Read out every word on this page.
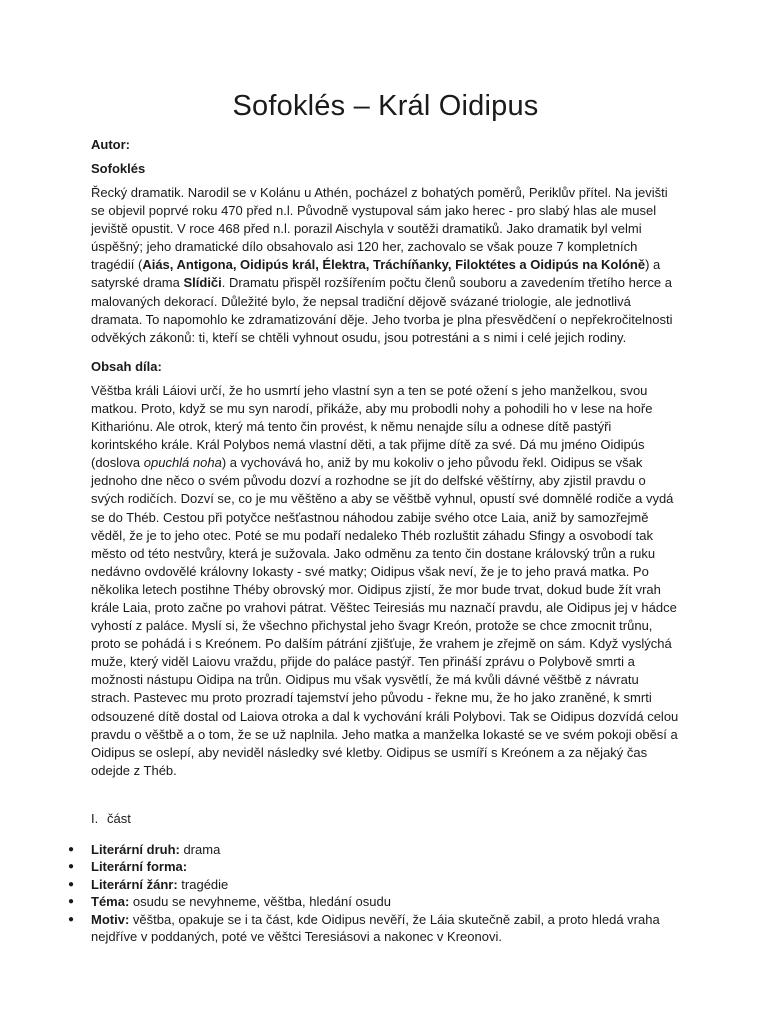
Sofoklés – Král Oidipus

Autor:

Sofoklés

Řecký dramatik. Narodil se v Kolánu u Athén, pocházel z bohatých poměrů, Periklův přítel. Na jevišti se objevil poprvé roku 470 před n.l. Původně vystupoval sám jako herec - pro slabý hlas ale musel jeviště opustit. V roce 468 před n.l. porazil Aischyla v soutěži dramatiků. Jako dramatik byl velmi úspěšný; jeho dramatické dílo obsahovalo asi 120 her, zachovalo se však pouze 7 kompletních tragédií (Aiás, Antigona, Oidipús král, Élektra, Tráchíňanky, Filoktétes a Oidipús na Kolóně) a satyrské drama Slídiči. Dramatu přispěl rozšířením počtu členů souboru a zavedením třetího herce a malovaných dekorací. Důležité bylo, že nepsal tradiční dějově svázané triologie, ale jednotlivá dramata. To napomohlo ke zdramatizování děje. Jeho tvorba je plna přesvědčení o nepřekročitelnosti odvěkých zákonů: ti, kteří se chtěli vyhnout osudu, jsou potrestáni a s nimi i celé jejich rodiny.

Obsah díla:

Věštba králi Láiovi určí, že ho usmrtí jeho vlastní syn a ten se poté ožení s jeho manželkou, svou matkou. Proto, když se mu syn narodí, přikáže, aby mu probodli nohy a pohodili ho v lese na hoře Kithariónu. Ale otrok, který má tento čin provést, k němu nenajde sílu a odnese dítě pastýři korintského krále. Král Polybos nemá vlastní děti, a tak přijme dítě za své. Dá mu jméno Oidipús (doslova opuchlá noha) a vychovává ho, aniž by mu kokoliv o jeho původu řekl. Oidipus se však jednoho dne něco o svém původu dozví a rozhodne se jít do delfské věštírny, aby zjistil pravdu o svých rodičích. Dozví se, co je mu věštěno a aby se věštbě vyhnul, opustí své domnělé rodiče a vydá se do Théb. Cestou při potyčce nešťastnou náhodou zabije svého otce Laia, aniž by samozřejmě věděl, že je to jeho otec. Poté se mu podaří nedaleko Théb rozluštit záhadu Sfingy a osvobodí tak město od této nestvůry, která je sužovala. Jako odměnu za tento čin dostane královský trůn a ruku nedávno ovdovělé královny Iokasty - své matky; Oidipus však neví, že je to jeho pravá matka. Po několika letech postihne Théby obrovský mor. Oidipus zjistí, že mor bude trvat, dokud bude žít vrah krále Laia, proto začne po vrahovi pátrat. Věštec Teiresiás mu naznačí pravdu, ale Oidipus jej v hádce vyhostí z paláce. Myslí si, že všechno přichystal jeho švagr Kreón, protože se chce zmocnit trůnu, proto se pohádá i s Kreónem. Po dalším pátrání zjišťuje, že vrahem je zřejmě on sám. Když vyslýchá muže, který viděl Laiovu vraždu, přijde do paláce pastýř. Ten přináší zprávu o Polybově smrti a možnosti nástupu Oidipa na trůn. Oidipus mu však vysvětlí, že má kvůli dávné věštbě z návratu strach. Pastevec mu proto prozradí tajemství jeho původu - řekne mu, že ho jako zraněné, k smrti odsouzené dítě dostal od Laiova otroka a dal k vychování králi Polybovi. Tak se Oidipus dozvídá celou pravdu o věštbě a o tom, že se už naplnila. Jeho matka a manželka Iokasté se ve svém pokoji oběsí a Oidipus se oslepí, aby neviděl následky své kletby. Oidipus se usmíří s Kreónem a za nějaký čas odejde z Théb.

I. část

● Literární druh: drama
● Literární forma:
● Literární žánr: tragédie
● Téma: osudu se nevyhneme, věštba, hledání osudu
● Motiv: věštba, opakuje se i ta část, kde Oidipus nevěří, že Láia skutečně zabil, a proto hledá vraha nejdříve v poddaných, poté ve věštci Teresiásovi a nakonec v Kreonovi.
